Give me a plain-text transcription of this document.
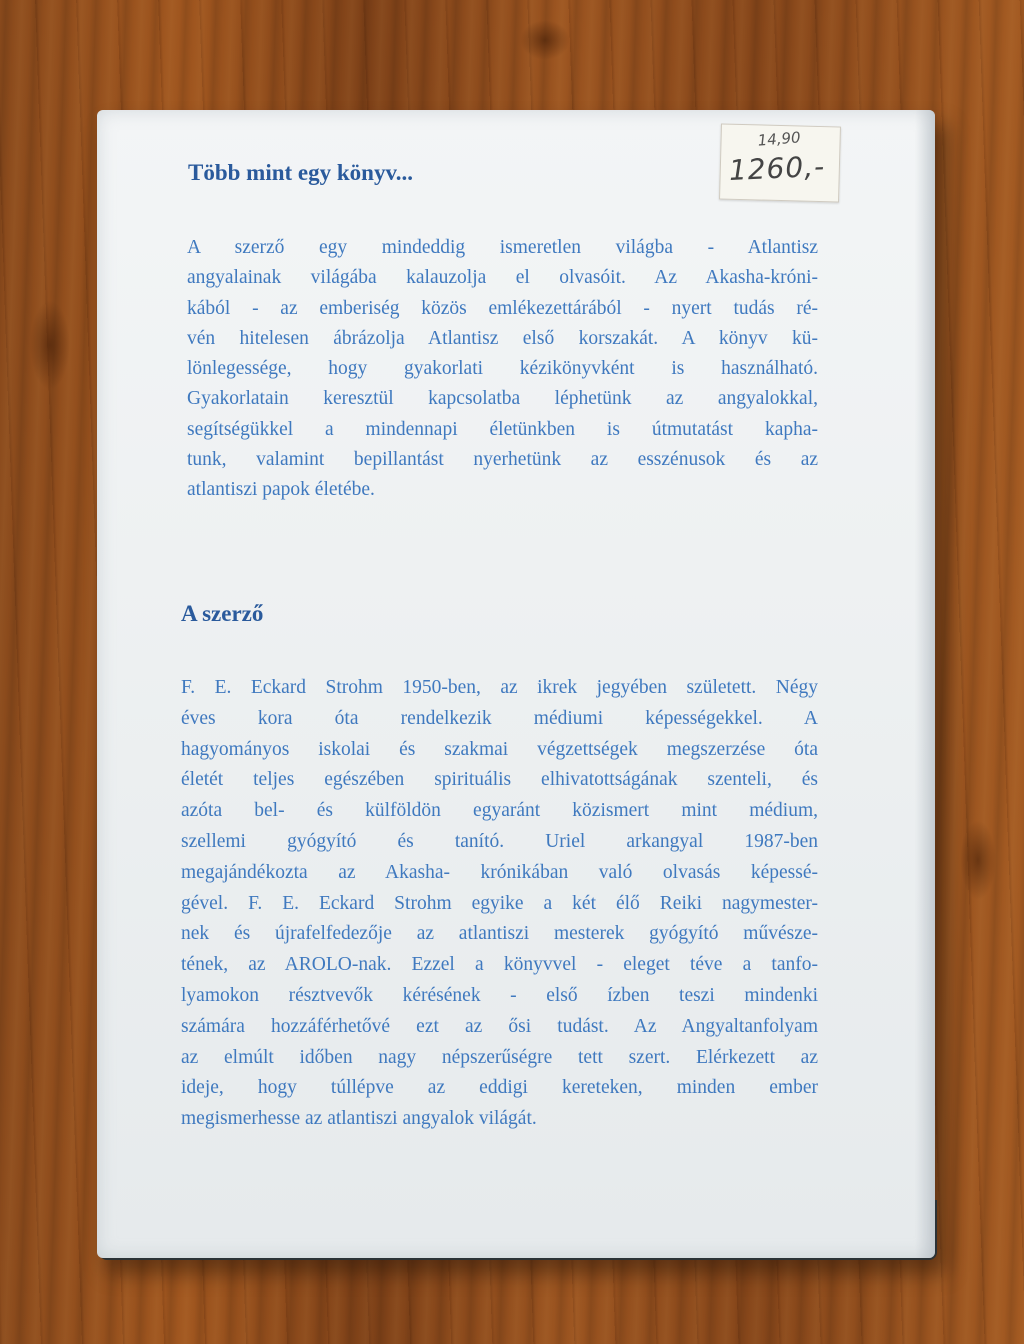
14,90
1260,-
Több mint egy könyv...
A szerző egy mindeddig ismeretlen világba - Atlantisz
angyalainak világába kalauzolja el olvasóit. Az Akasha-króni-
kából - az emberiség közös emlékezettárából - nyert tudás ré-
vén hitelesen ábrázolja Atlantisz első korszakát. A könyv kü-
lönlegessége, hogy gyakorlati kézikönyvként is használható.
Gyakorlatain keresztül kapcsolatba léphetünk az angyalokkal,
segítségükkel a mindennapi életünkben is útmutatást kapha-
tunk, valamint bepillantást nyerhetünk az esszénusok és az
atlantiszi papok életébe.
A szerző
F. E. Eckard Strohm 1950-ben, az ikrek jegyében született. Négy
éves kora óta rendelkezik médiumi képességekkel. A
hagyományos iskolai és szakmai végzettségek megszerzése óta
életét teljes egészében spirituális elhivatottságának szenteli, és
azóta bel- és külföldön egyaránt közismert mint médium,
szellemi gyógyító és tanító. Uriel arkangyal 1987-ben
megajándékozta az Akasha- krónikában való olvasás képessé-
gével. F. E. Eckard Strohm egyike a két élő Reiki nagymester-
nek és újrafelfedezője az atlantiszi mesterek gyógyító művésze-
tének, az AROLO-nak. Ezzel a könyvvel - eleget téve a tanfo-
lyamokon résztvevők kérésének - első ízben teszi mindenki
számára hozzáférhetővé ezt az ősi tudást. Az Angyaltanfolyam
az elmúlt időben nagy népszerűségre tett szert. Elérkezett az
ideje, hogy túllépve az eddigi kereteken, minden ember
megismerhesse az atlantiszi angyalok világát.
